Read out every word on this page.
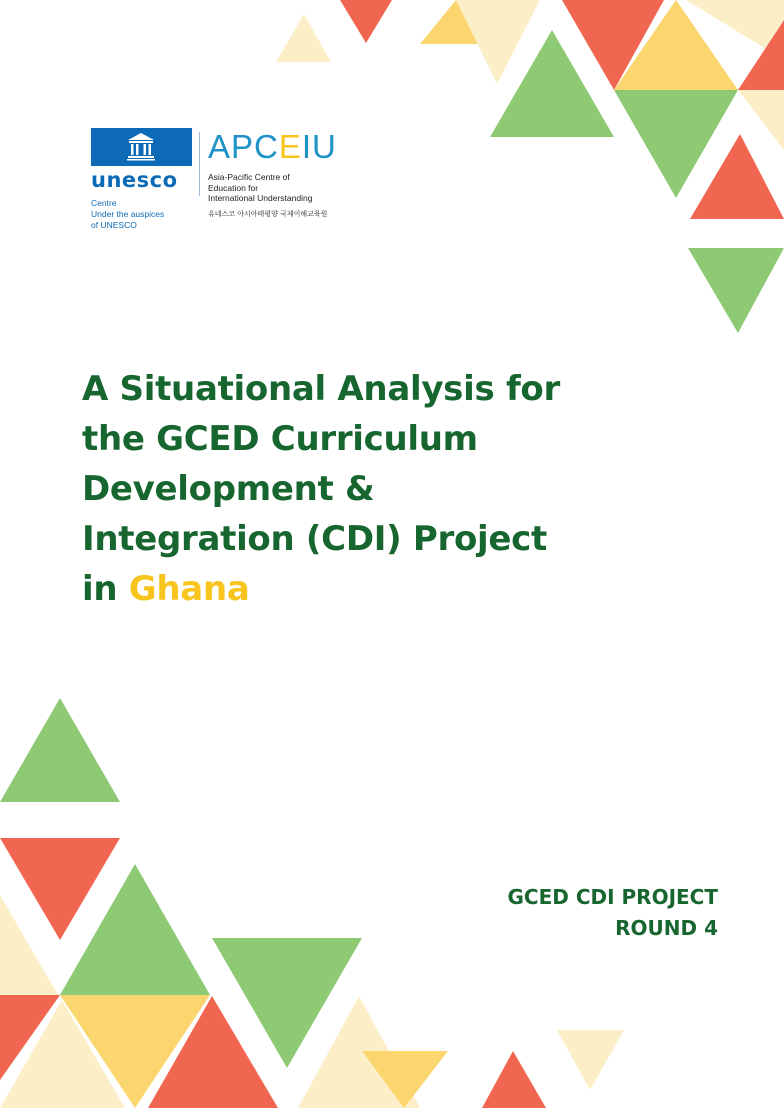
unesco
Centre
Under the auspices
of UNESCO
APCEIU
Asia-Pacific Centre of
Education for
International Understanding
유네스코 아시아태평양 국제이해교육원
A Situational Analysis for
the GCED Curriculum
Development &
Integration (CDI) Project
in Ghana
GCED CDI PROJECT
ROUND 4
